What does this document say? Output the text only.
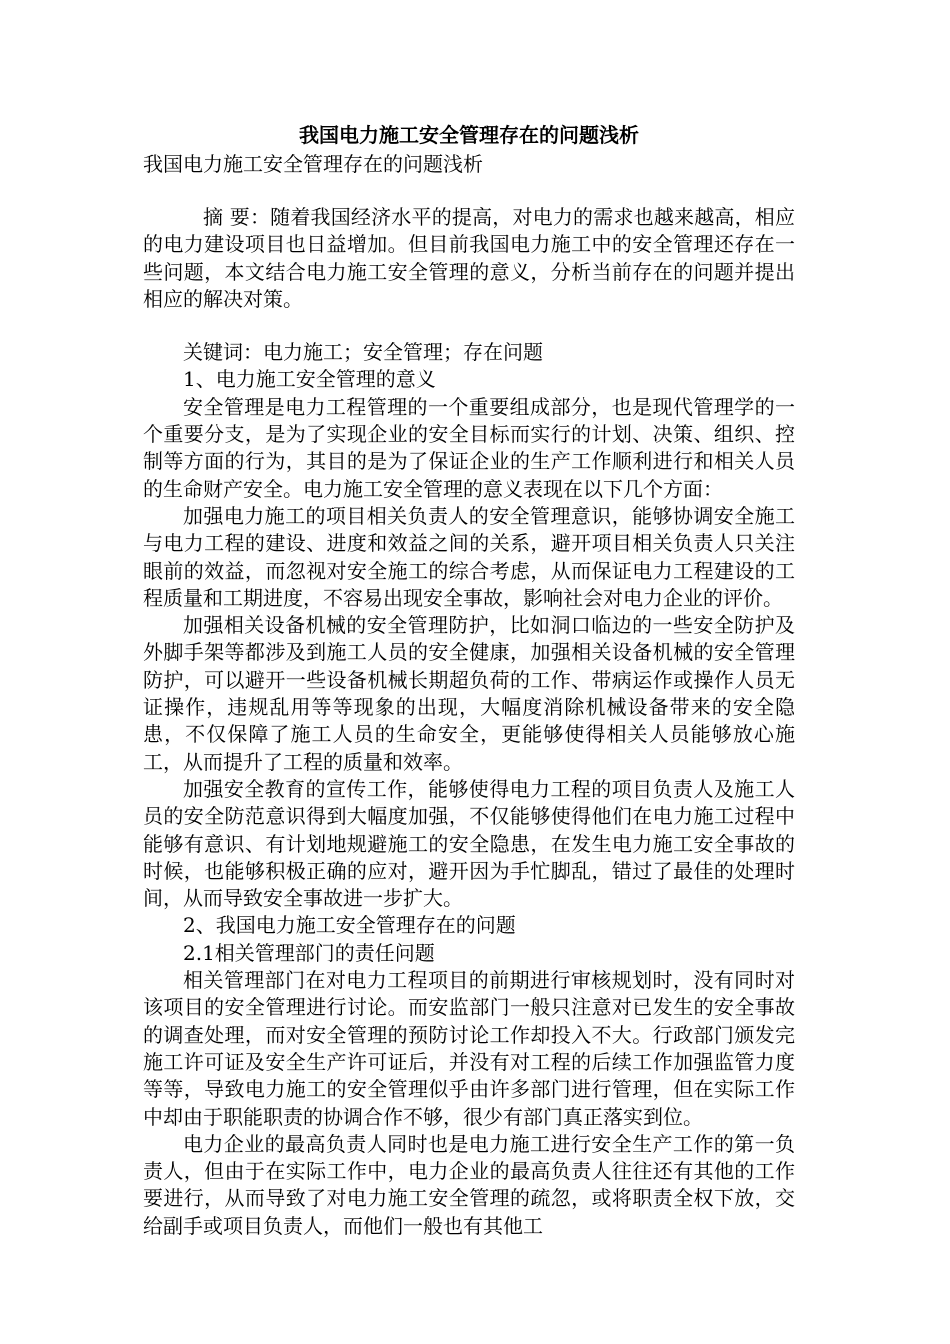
我国电力施工安全管理存在的问题浅析

我国电力施工安全管理存在的问题浅析

摘 要：随着我国经济水平的提高，对电力的需求也越来越高，相应的电力建设项目也日益增加。但目前我国电力施工中的安全管理还存在一些问题，本文结合电力施工安全管理的意义，分析当前存在的问题并提出相应的解决对策。

关键词：电力施工；安全管理；存在问题

1、电力施工安全管理的意义

安全管理是电力工程管理的一个重要组成部分，也是现代管理学的一个重要分支，是为了实现企业的安全目标而实行的计划、决策、组织、控制等方面的行为，其目的是为了保证企业的生产工作顺利进行和相关人员的生命财产安全。电力施工安全管理的意义表现在以下几个方面：

加强电力施工的项目相关负责人的安全管理意识，能够协调安全施工与电力工程的建设、进度和效益之间的关系，避开项目相关负责人只关注眼前的效益，而忽视对安全施工的综合考虑，从而保证电力工程建设的工程质量和工期进度，不容易出现安全事故，影响社会对电力企业的评价。

加强相关设备机械的安全管理防护，比如洞口临边的一些安全防护及外脚手架等都涉及到施工人员的安全健康，加强相关设备机械的安全管理防护，可以避开一些设备机械长期超负荷的工作、带病运作或操作人员无证操作，违规乱用等等现象的出现，大幅度消除机械设备带来的安全隐患，不仅保障了施工人员的生命安全，更能够使得相关人员能够放心施工，从而提升了工程的质量和效率。

加强安全教育的宣传工作，能够使得电力工程的项目负责人及施工人员的安全防范意识得到大幅度加强，不仅能够使得他们在电力施工过程中能够有意识、有计划地规避施工的安全隐患，在发生电力施工安全事故的时候，也能够积极正确的应对，避开因为手忙脚乱，错过了最佳的处理时间，从而导致安全事故进一步扩大。

2、我国电力施工安全管理存在的问题

2.1相关管理部门的责任问题

相关管理部门在对电力工程项目的前期进行审核规划时，没有同时对该项目的安全管理进行讨论。而安监部门一般只注意对已发生的安全事故的调查处理，而对安全管理的预防讨论工作却投入不大。行政部门颁发完施工许可证及安全生产许可证后，并没有对工程的后续工作加强监管力度等等，导致电力施工的安全管理似乎由许多部门进行管理，但在实际工作中却由于职能职责的协调合作不够，很少有部门真正落实到位。

电力企业的最高负责人同时也是电力施工进行安全生产工作的第一负责人，但由于在实际工作中，电力企业的最高负责人往往还有其他的工作要进行，从而导致了对电力施工安全管理的疏忽，或将职责全权下放，交给副手或项目负责人，而他们一般也有其他工
